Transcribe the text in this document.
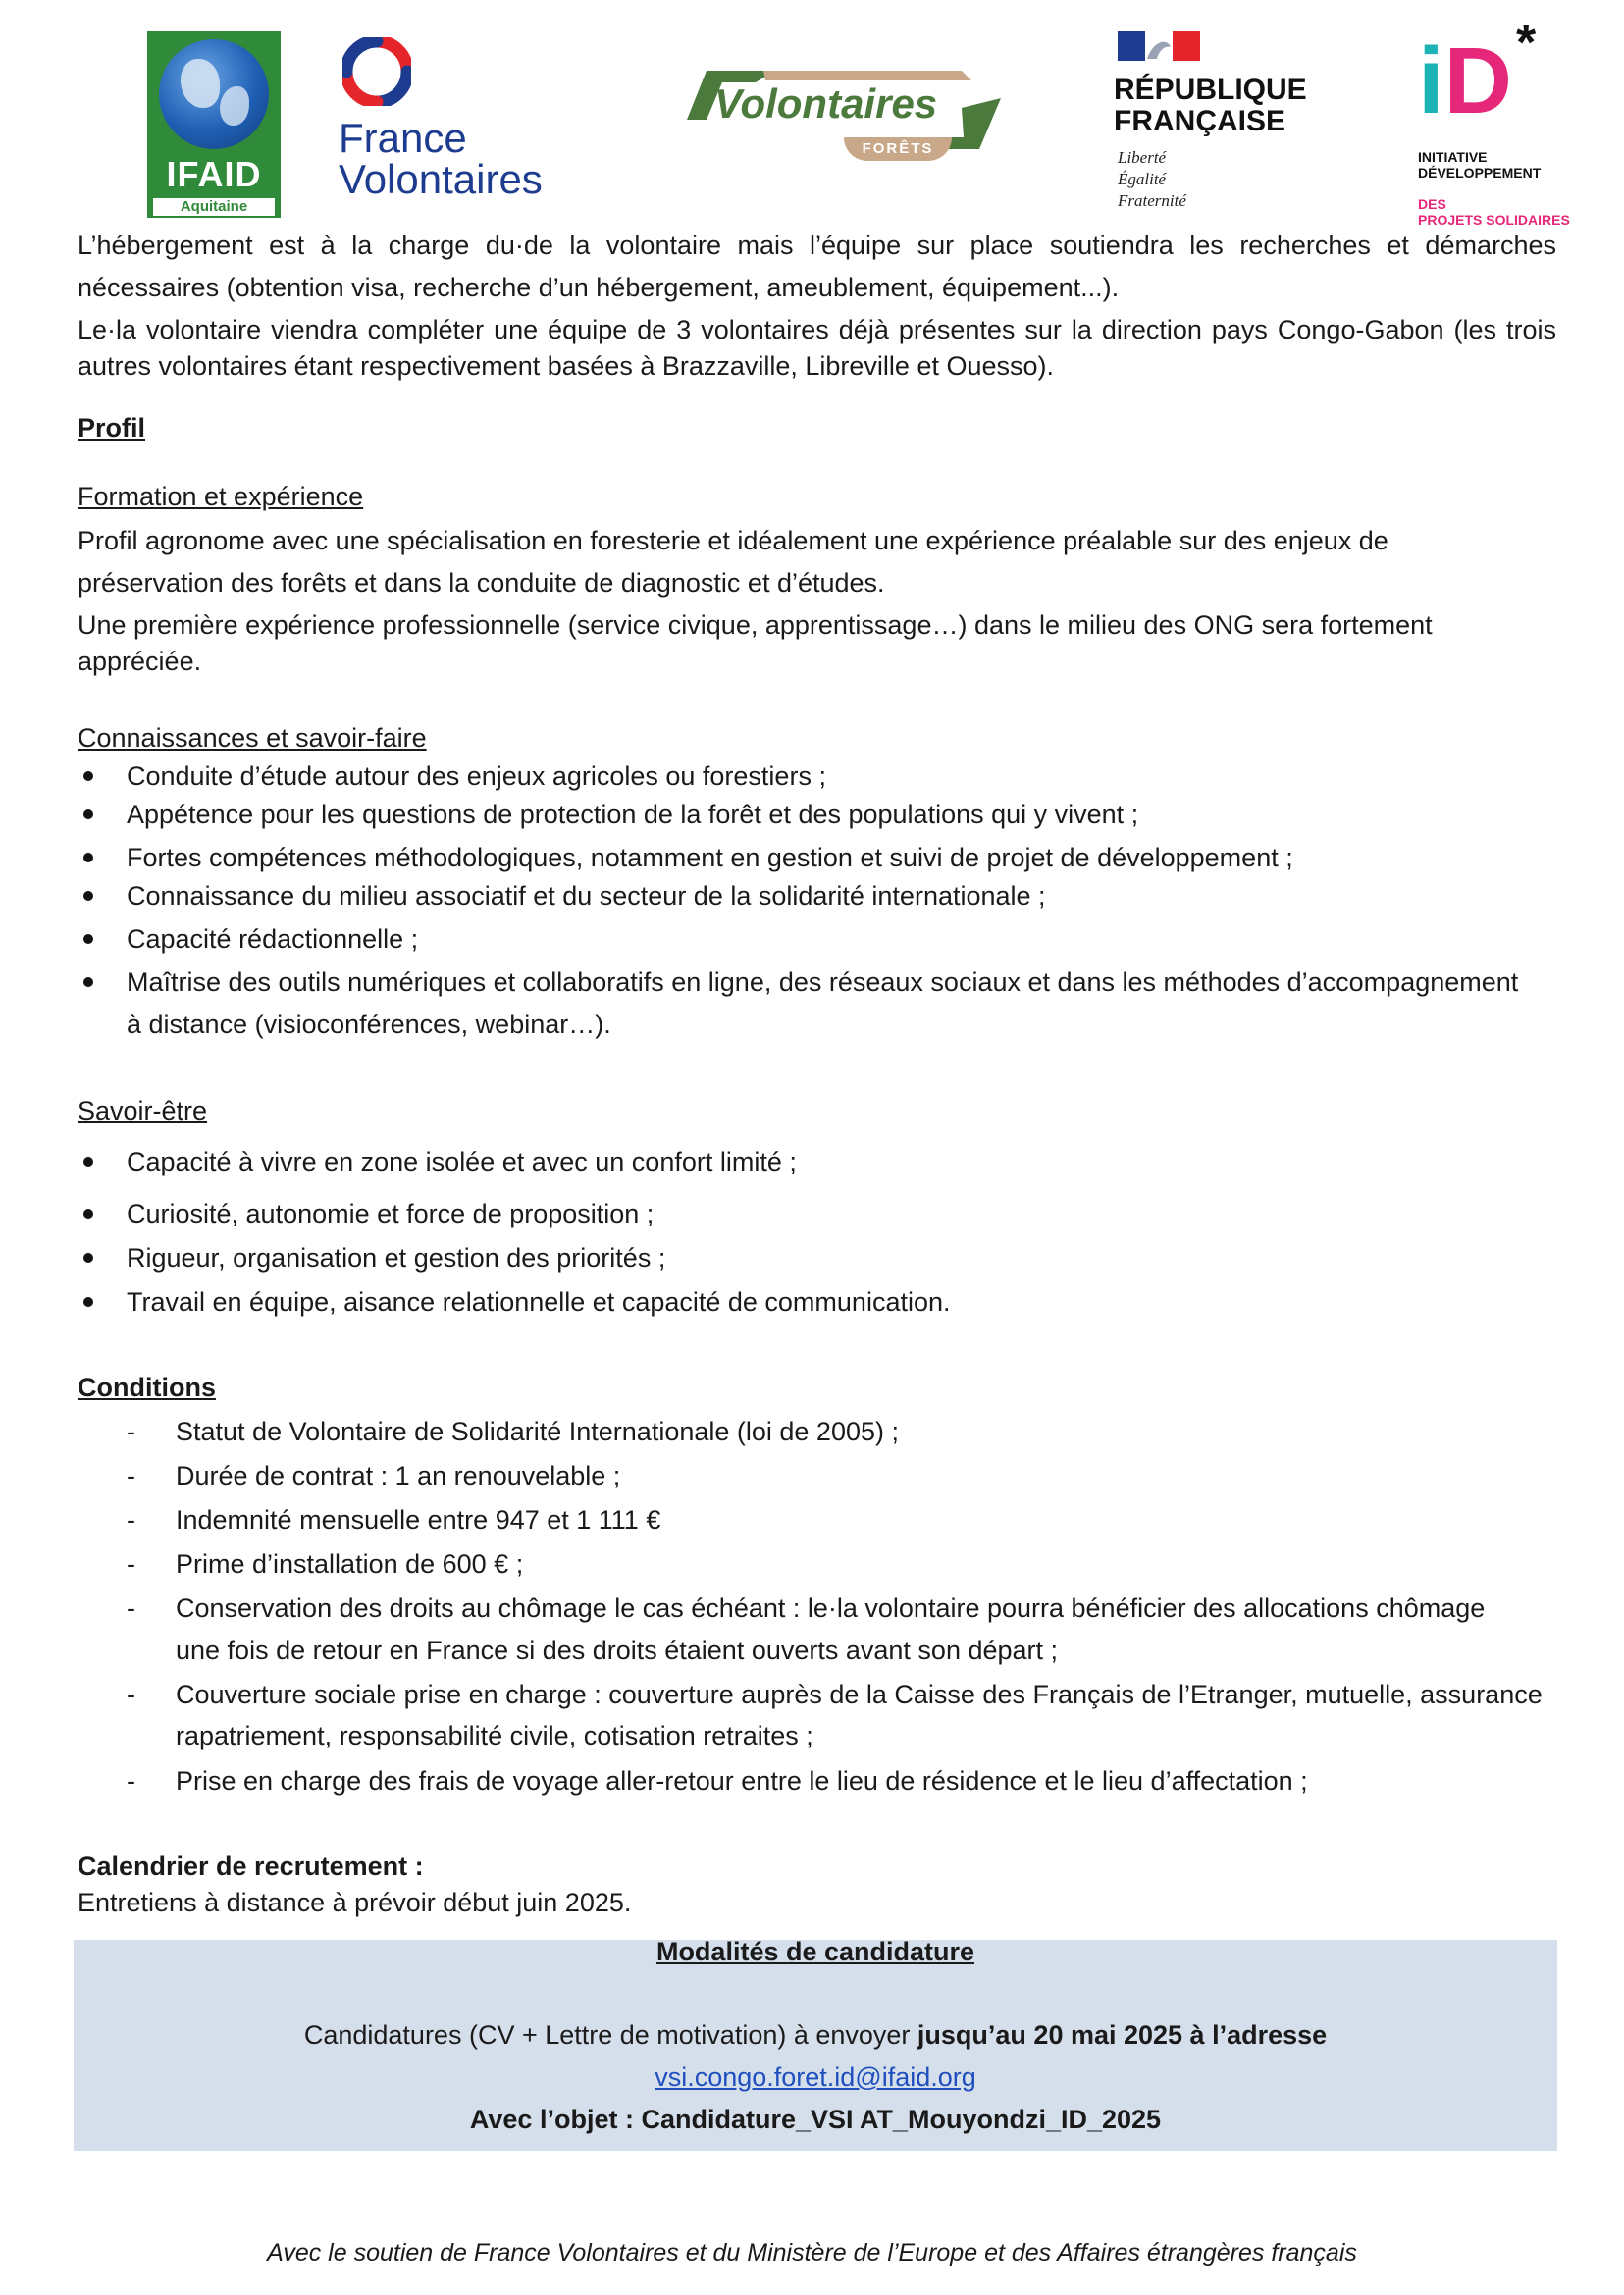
IFAID
Aquitaine
France
Volontaires
Volontaires
FORÊTS
RÉPUBLIQUE
FRANÇAISE
Liberté
Égalité
Fraternité
iD *
INITIATIVE
DÉVELOPPEMENT
DES
PROJETS SOLIDAIRES
L’hébergement est à la charge du·de la volontaire mais l’équipe sur place soutiendra les recherches et démarches
nécessaires (obtention visa, recherche d’un hébergement, ameublement, équipement...).
Le·la volontaire viendra compléter une équipe de 3 volontaires déjà présentes sur la direction pays Congo-Gabon (les trois
autres volontaires étant respectivement basées à Brazzaville, Libreville et Ouesso).
Profil
Formation et expérience
Profil agronome avec une spécialisation en foresterie et idéalement une expérience préalable sur des enjeux de
préservation des forêts et dans la conduite de diagnostic et d’études.
Une première expérience professionnelle (service civique, apprentissage…) dans le milieu des ONG sera fortement
appréciée.
Connaissances et savoir-faire
Conduite d’étude autour des enjeux agricoles ou forestiers ;
Appétence pour les questions de protection de la forêt et des populations qui y vivent ;
Fortes compétences méthodologiques, notamment en gestion et suivi de projet de développement ;
Connaissance du milieu associatif et du secteur de la solidarité internationale ;
Capacité rédactionnelle ;
Maîtrise des outils numériques et collaboratifs en ligne, des réseaux sociaux et dans les méthodes d’accompagnement
à distance (visioconférences, webinar…).
Savoir-être
Capacité à vivre en zone isolée et avec un confort limité ;
Curiosité, autonomie et force de proposition ;
Rigueur, organisation et gestion des priorités ;
Travail en équipe, aisance relationnelle et capacité de communication.
Conditions
- Statut de Volontaire de Solidarité Internationale (loi de 2005) ;
- Durée de contrat : 1 an renouvelable ;
- Indemnité mensuelle entre 947 et 1 111 €
- Prime d’installation de 600 € ;
- Conservation des droits au chômage le cas échéant : le·la volontaire pourra bénéficier des allocations chômage
une fois de retour en France si des droits étaient ouverts avant son départ ;
- Couverture sociale prise en charge : couverture auprès de la Caisse des Français de l’Etranger, mutuelle, assurance
rapatriement, responsabilité civile, cotisation retraites ;
- Prise en charge des frais de voyage aller-retour entre le lieu de résidence et le lieu d’affectation ;
Calendrier de recrutement :
Entretiens à distance à prévoir début juin 2025.
Modalités de candidature
Candidatures (CV + Lettre de motivation) à envoyer jusqu’au 20 mai 2025 à l’adresse
vsi.congo.foret.id@ifaid.org
Avec l’objet : Candidature_VSI AT_Mouyondzi_ID_2025
Avec le soutien de France Volontaires et du Ministère de l’Europe et des Affaires étrangères français
